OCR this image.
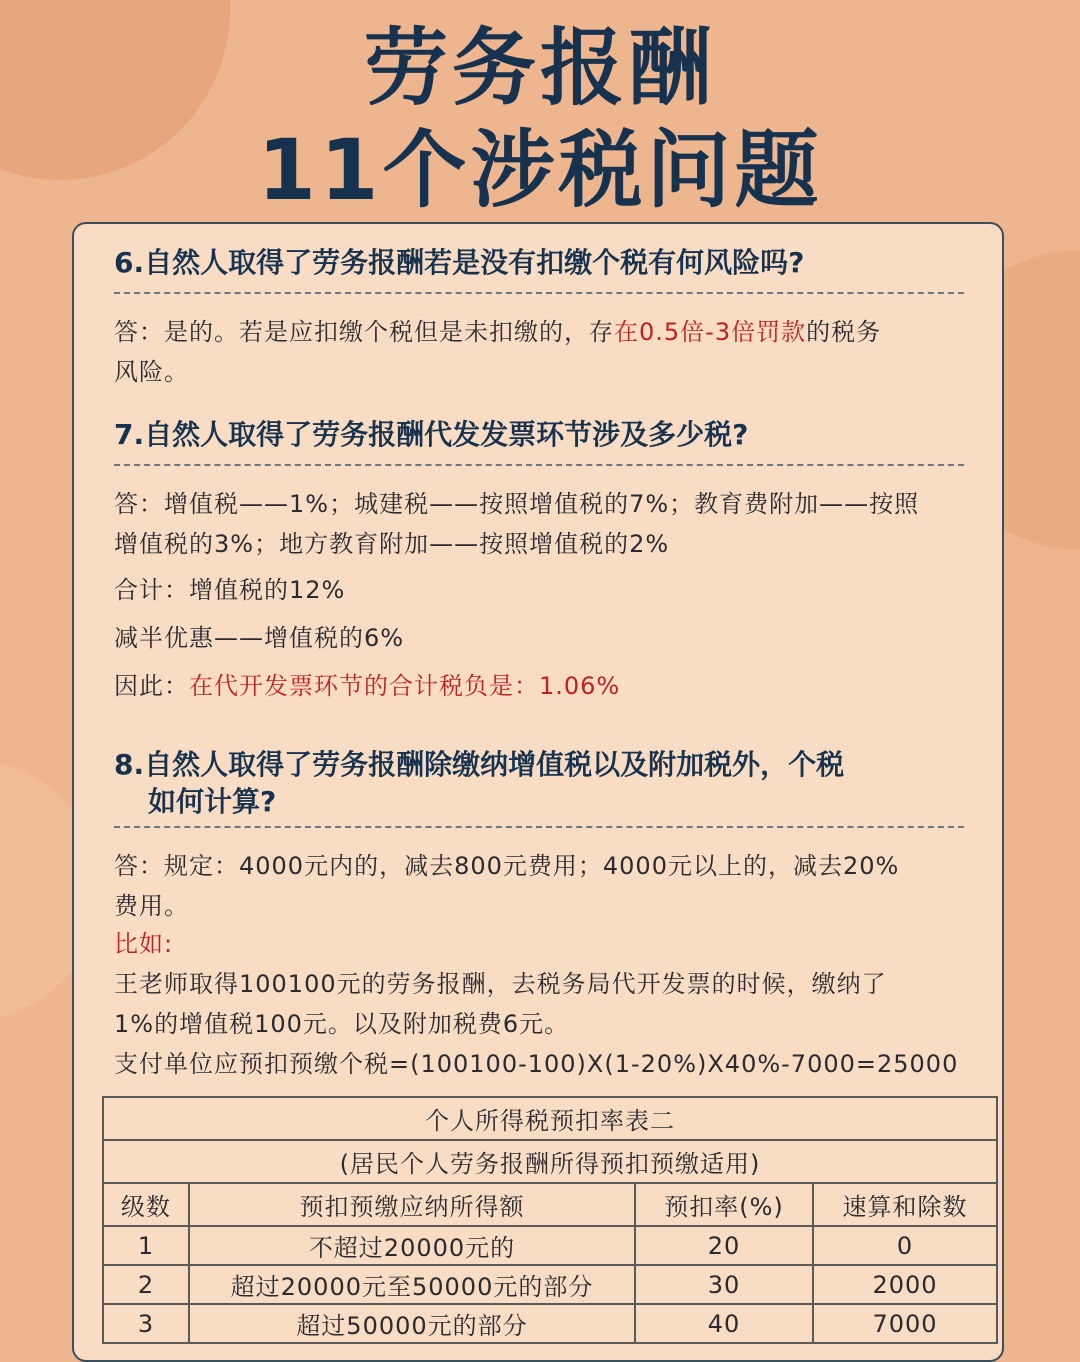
劳务报酬
11个涉税问题
6.自然人取得了劳务报酬若是没有扣缴个税有何风险吗?
答：是的。若是应扣缴个税但是未扣缴的，存在0.5倍-3倍罚款的税务
风险。
7.自然人取得了劳务报酬代发发票环节涉及多少税?
答：增值税——1%；城建税——按照增值税的7%；教育费附加——按照
增值税的3%；地方教育附加——按照增值税的2%
合计：增值税的12%
减半优惠——增值税的6%
因此：在代开发票环节的合计税负是：1.06%
8.自然人取得了劳务报酬除缴纳增值税以及附加税外，个税
如何计算?
答：规定：4000元内的，减去800元费用；4000元以上的，减去20%
费用。
比如:
王老师取得100100元的劳务报酬，去税务局代开发票的时候，缴纳了
1%的增值税100元。以及附加税费6元。
支付单位应预扣预缴个税=(100100-100)X(1-20%)X40%-7000=25000
个人所得税预扣率表二			
(居民个人劳务报酬所得预扣预缴适用)			
级数	预扣预缴应纳所得额	预扣率(%)	速算和除数
1	不超过20000元的	20	0
2	超过20000元至50000元的部分	30	2000
3	超过50000元的部分	40	7000
